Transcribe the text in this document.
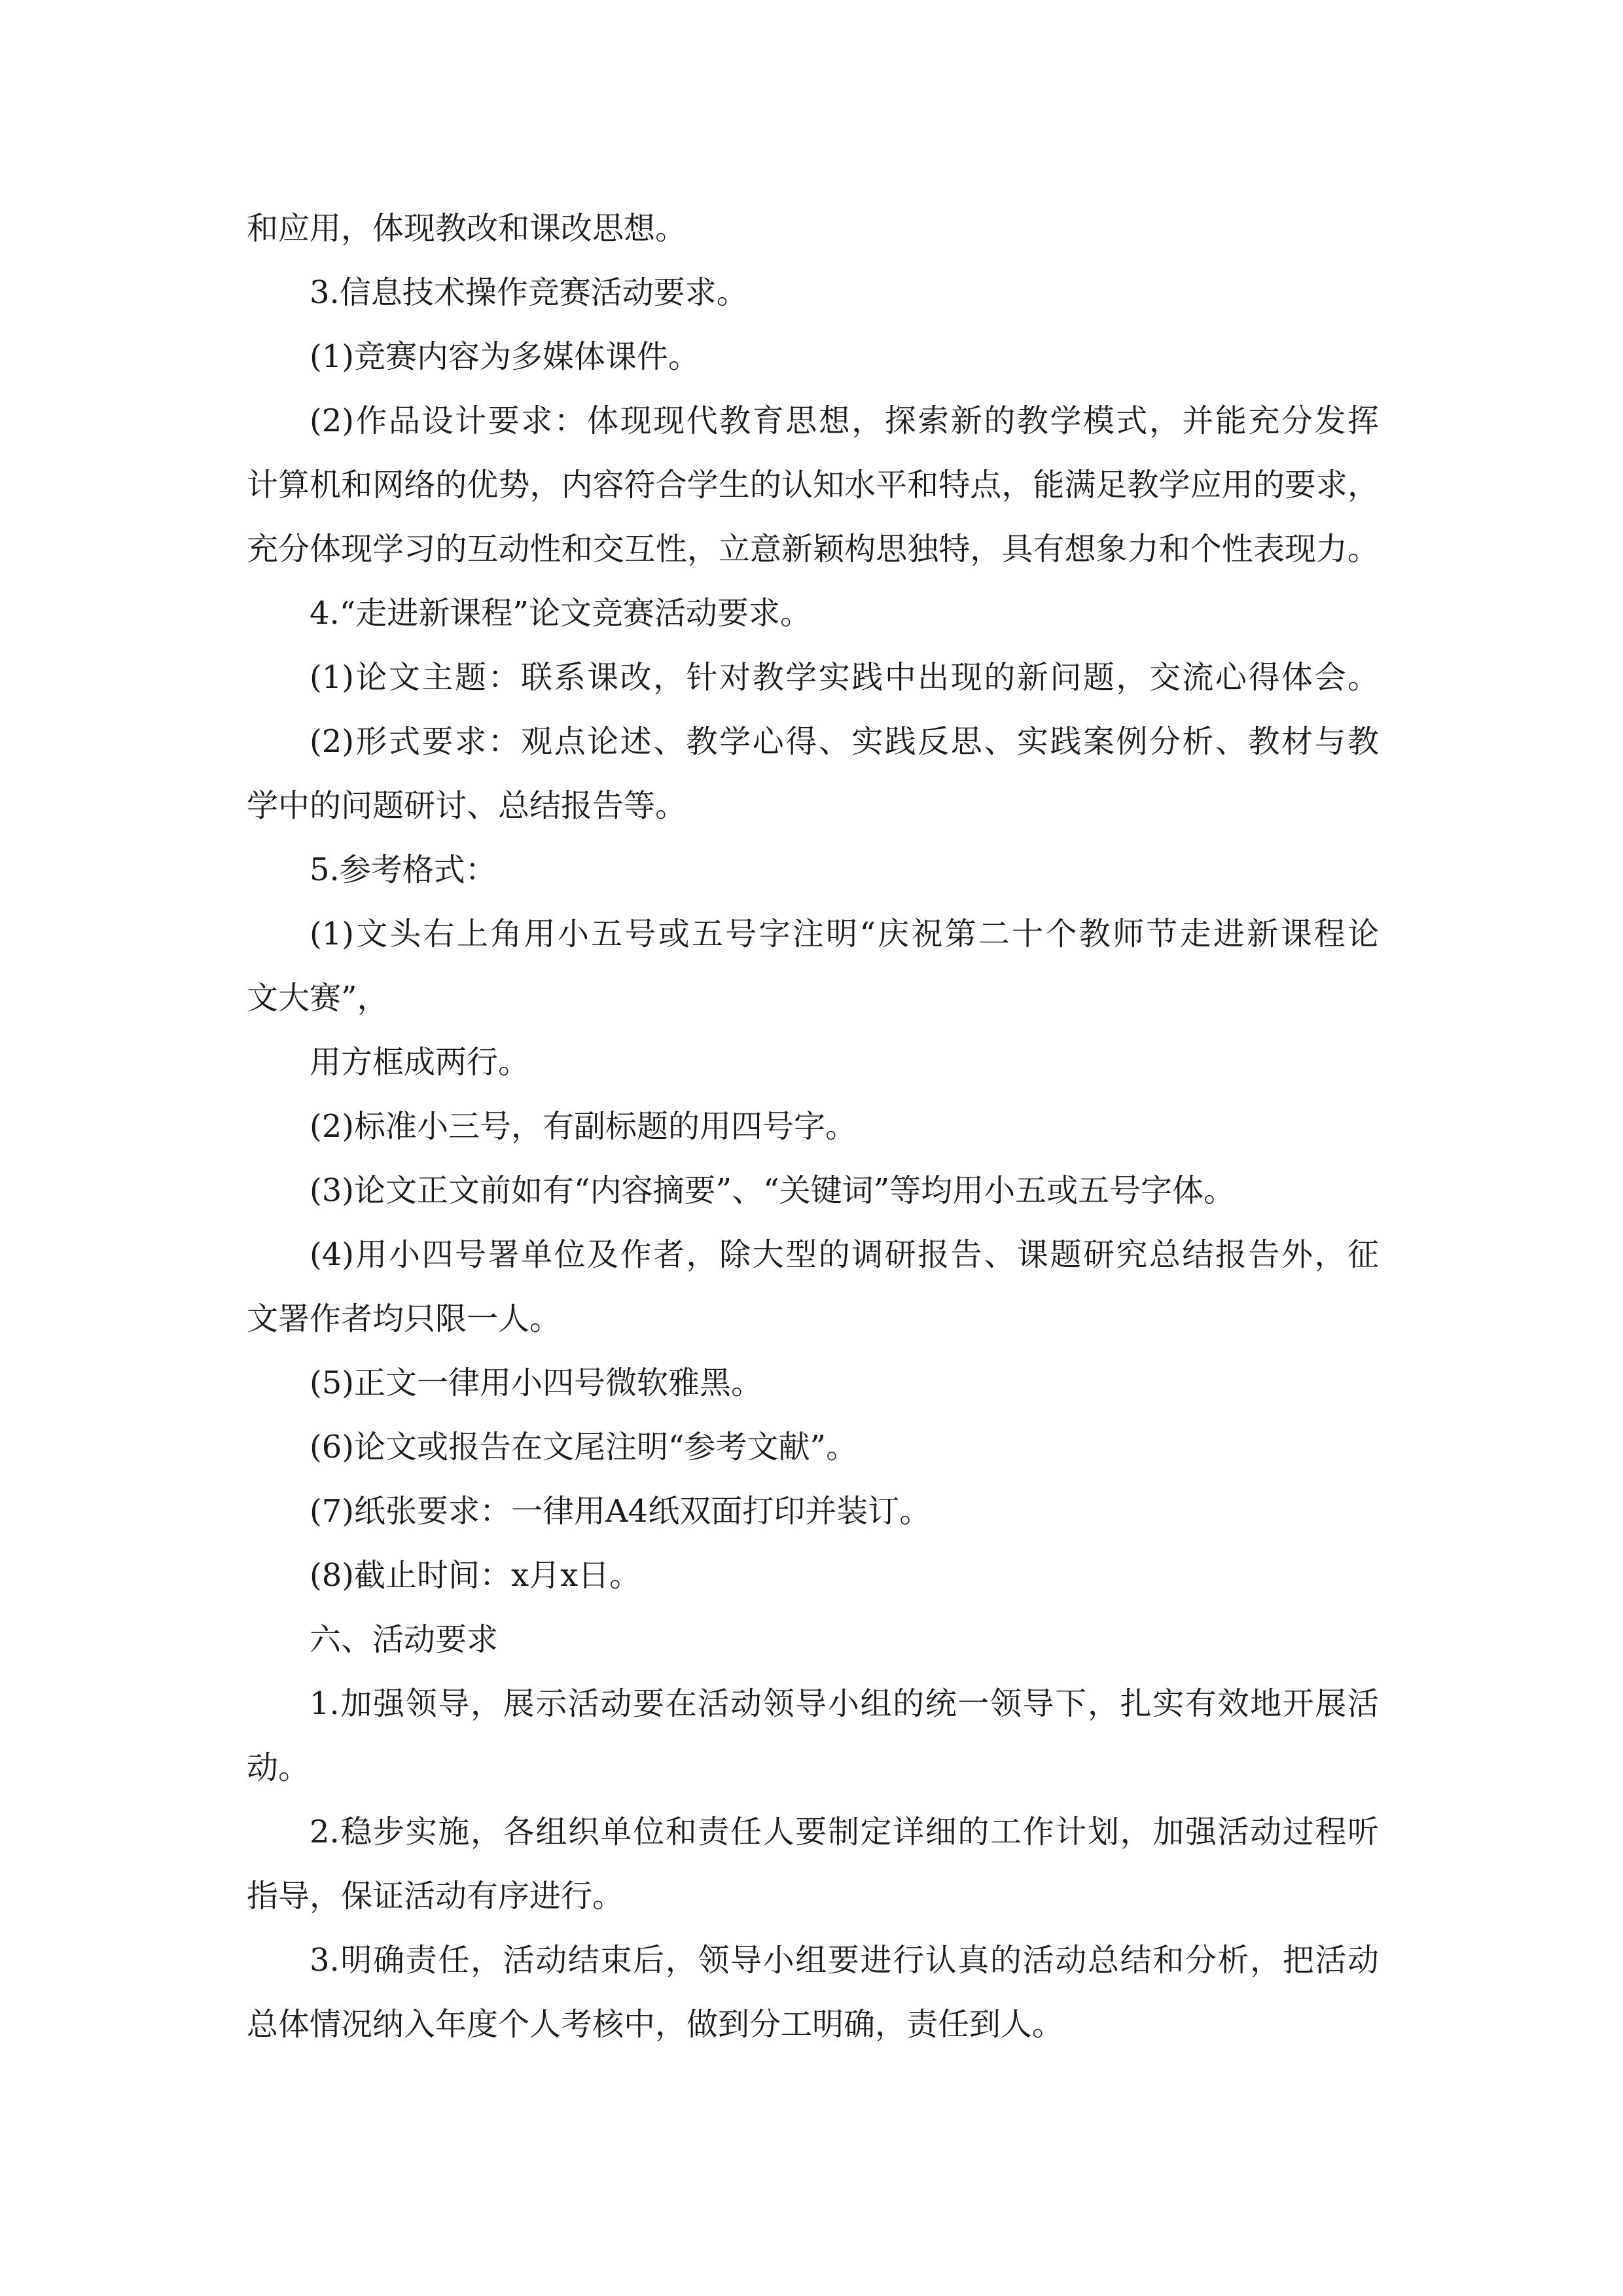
和应用，体现教改和课改思想。

3.信息技术操作竞赛活动要求。

(1)竞赛内容为多媒体课件。

(2)作品设计要求：体现现代教育思想，探索新的教学模式，并能充分发挥
计算机和网络的优势，内容符合学生的认知水平和特点，能满足教学应用的要求，
充分体现学习的互动性和交互性，立意新颖构思独特，具有想象力和个性表现力。

4.“走进新课程”论文竞赛活动要求。

(1)论文主题：联系课改，针对教学实践中出现的新问题，交流心得体会。

(2)形式要求：观点论述、教学心得、实践反思、实践案例分析、教材与教
学中的问题研讨、总结报告等。

5.参考格式：

(1)文头右上角用小五号或五号字注明“庆祝第二十个教师节走进新课程论
文大赛”，
用方框成两行。

(2)标准小三号，有副标题的用四号字。

(3)论文正文前如有“内容摘要”、“关键词”等均用小五或五号字体。

(4)用小四号署单位及作者，除大型的调研报告、课题研究总结报告外，征
文署作者均只限一人。

(5)正文一律用小四号微软雅黑。

(6)论文或报告在文尾注明“参考文献”。

(7)纸张要求：一律用A4纸双面打印并装订。

(8)截止时间：x月x日。

六、活动要求

1.加强领导，展示活动要在活动领导小组的统一领导下，扎实有效地开展活
动。

2.稳步实施，各组织单位和责任人要制定详细的工作计划，加强活动过程听
指导，保证活动有序进行。

3.明确责任，活动结束后，领导小组要进行认真的活动总结和分析，把活动
总体情况纳入年度个人考核中，做到分工明确，责任到人。
